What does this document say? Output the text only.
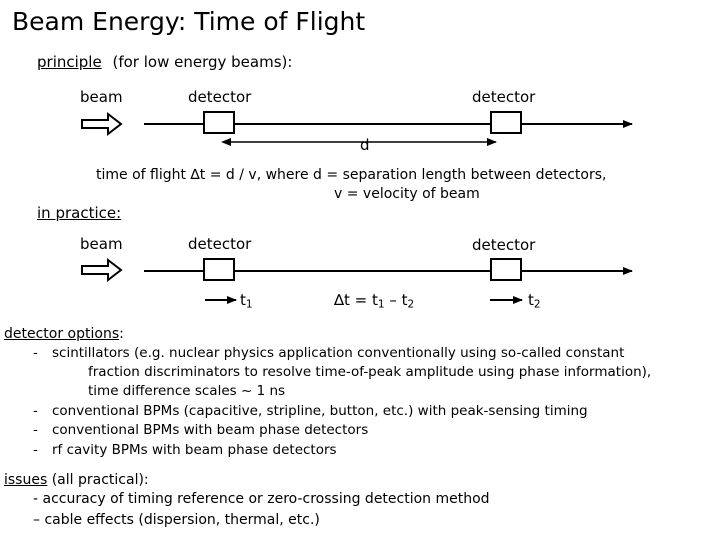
Beam Energy: Time of Flight
principle (for low energy beams):
beam	detector	detector
d
time of flight ∆t = d / v, where d = separation length between detectors,
v = velocity of beam
in practice:
beam	detector	detector
$t_1$	$\Delta t = t_1 - t_2$	$t_2$
detector options:
- scintillators (e.g. nuclear physics application conventionally using so-called constant
fraction discriminators to resolve time-of-peak amplitude using phase information),
time difference scales ~ 1 ns
- conventional BPMs (capacitive, stripline, button, etc.) with peak-sensing timing
- conventional BPMs with beam phase detectors
- rf cavity BPMs with beam phase detectors
issues (all practical):
- accuracy of timing reference or zero-crossing detection method
– cable effects (dispersion, thermal, etc.)
